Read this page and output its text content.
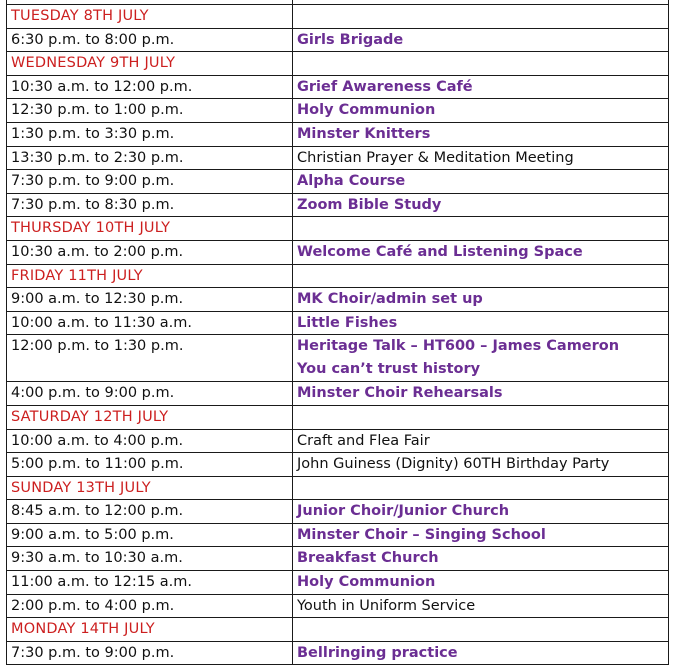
TUESDAY 8TH JULY	
6:30 p.m. to 8:00 p.m.	Girls Brigade
WEDNESDAY 9TH JULY	
10:30 a.m. to 12:00 p.m.	Grief Awareness Café
12:30 p.m. to 1:00 p.m.	Holy Communion
1:30 p.m. to 3:30 p.m.	Minster Knitters
13:30 p.m. to 2:30 p.m.	Christian Prayer & Meditation Meeting
7:30 p.m. to 9:00 p.m.	Alpha Course
7:30 p.m. to 8:30 p.m.	Zoom Bible Study
THURSDAY 10TH JULY	
10:30 a.m. to 2:00 p.m.	Welcome Café and Listening Space
FRIDAY 11TH JULY	
9:00 a.m. to 12:30 p.m.	MK Choir/admin set up
10:00 a.m. to 11:30 a.m.	Little Fishes
12:00 p.m. to 1:30 p.m.	Heritage Talk – HT600 – James Cameron
You can’t trust history
4:00 p.m. to 9:00 p.m.	Minster Choir Rehearsals
SATURDAY 12TH JULY	
10:00 a.m. to 4:00 p.m.	Craft and Flea Fair
5:00 p.m. to 11:00 p.m.	John Guiness (Dignity) 60TH Birthday Party
SUNDAY 13TH JULY	
8:45 a.m. to 12:00 p.m.	Junior Choir/Junior Church
9:00 a.m. to 5:00 p.m.	Minster Choir – Singing School
9:30 a.m. to 10:30 a.m.	Breakfast Church
11:00 a.m. to 12:15 a.m.	Holy Communion
2:00 p.m. to 4:00 p.m.	Youth in Uniform Service
MONDAY 14TH JULY	
7:30 p.m. to 9:00 p.m.	Bellringing practice
